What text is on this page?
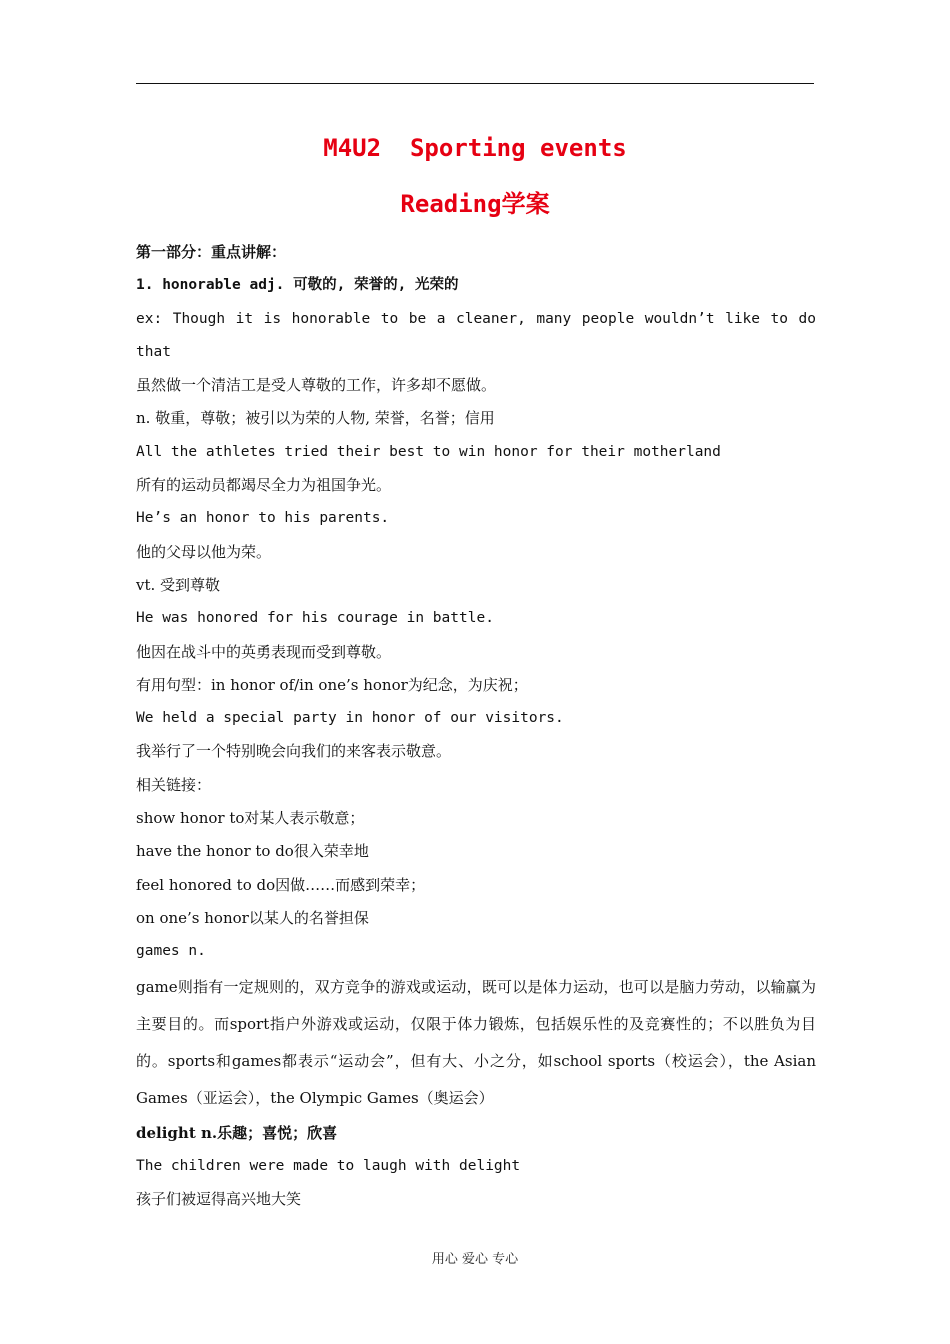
M4U2  Sporting events
Reading学案
第一部分：重点讲解：
1. honorable adj. 可敬的, 荣誉的, 光荣的
ex: Though it is honorable to be a cleaner, many people wouldn’t like to do
that
虽然做一个清洁工是受人尊敬的工作，许多却不愿做。
n. 敬重，尊敬；被引以为荣的人物, 荣誉，名誉；信用
All the athletes tried their best to win honor for their motherland
所有的运动员都竭尽全力为祖国争光。
He’s an honor to his parents.
他的父母以他为荣。
vt. 受到尊敬
He was honored for his courage in battle.
他因在战斗中的英勇表现而受到尊敬。
有用句型：in honor of/in one’s honor为纪念，为庆祝；
We held a special party in honor of our visitors.
我举行了一个特别晚会向我们的来客表示敬意。
相关链接：
show honor to对某人表示敬意；
have the honor to do很入荣幸地
feel honored to do因做……而感到荣幸；
on one’s honor以某人的名誉担保
games n.
game则指有一定规则的，双方竞争的游戏或运动，既可以是体力运动，也可以是脑力劳动，以输赢为主要目的。而sport指户外游戏或运动，仅限于体力锻炼，包括娱乐性的及竞赛性的；不以胜负为目的。sports和games都表示“运动会”，但有大、小之分，如school sports（校运会），the Asian Games（亚运会），the Olympic Games（奥运会）
delight n.乐趣；喜悦；欣喜
The children were made to laugh with delight
孩子们被逗得高兴地大笑
用心 爱心 专心
